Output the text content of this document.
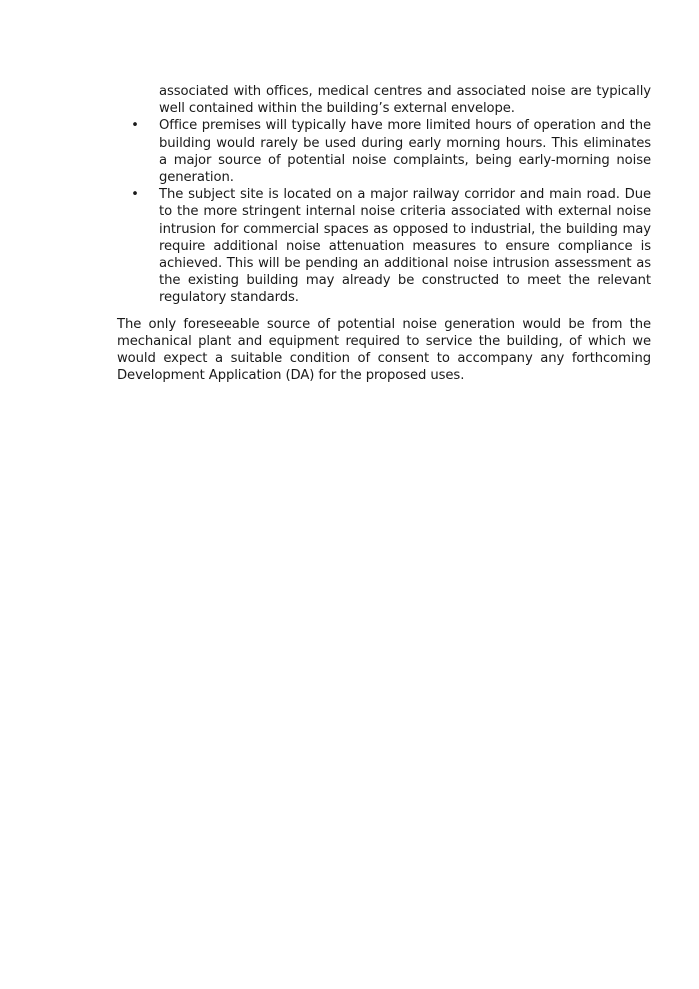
associated with offices, medical centres and associated noise are typically well contained within the building’s external envelope.
• Office premises will typically have more limited hours of operation and the building would rarely be used during early morning hours. This eliminates a major source of potential noise complaints, being early-morning noise generation.
• The subject site is located on a major railway corridor and main road. Due to the more stringent internal noise criteria associated with external noise intrusion for commercial spaces as opposed to industrial, the building may require additional noise attenuation measures to ensure compliance is achieved. This will be pending an additional noise intrusion assessment as the existing building may already be constructed to meet the relevant regulatory standards.

The only foreseeable source of potential noise generation would be from the mechanical plant and equipment required to service the building, of which we would expect a suitable condition of consent to accompany any forthcoming Development Application (DA) for the proposed uses.
